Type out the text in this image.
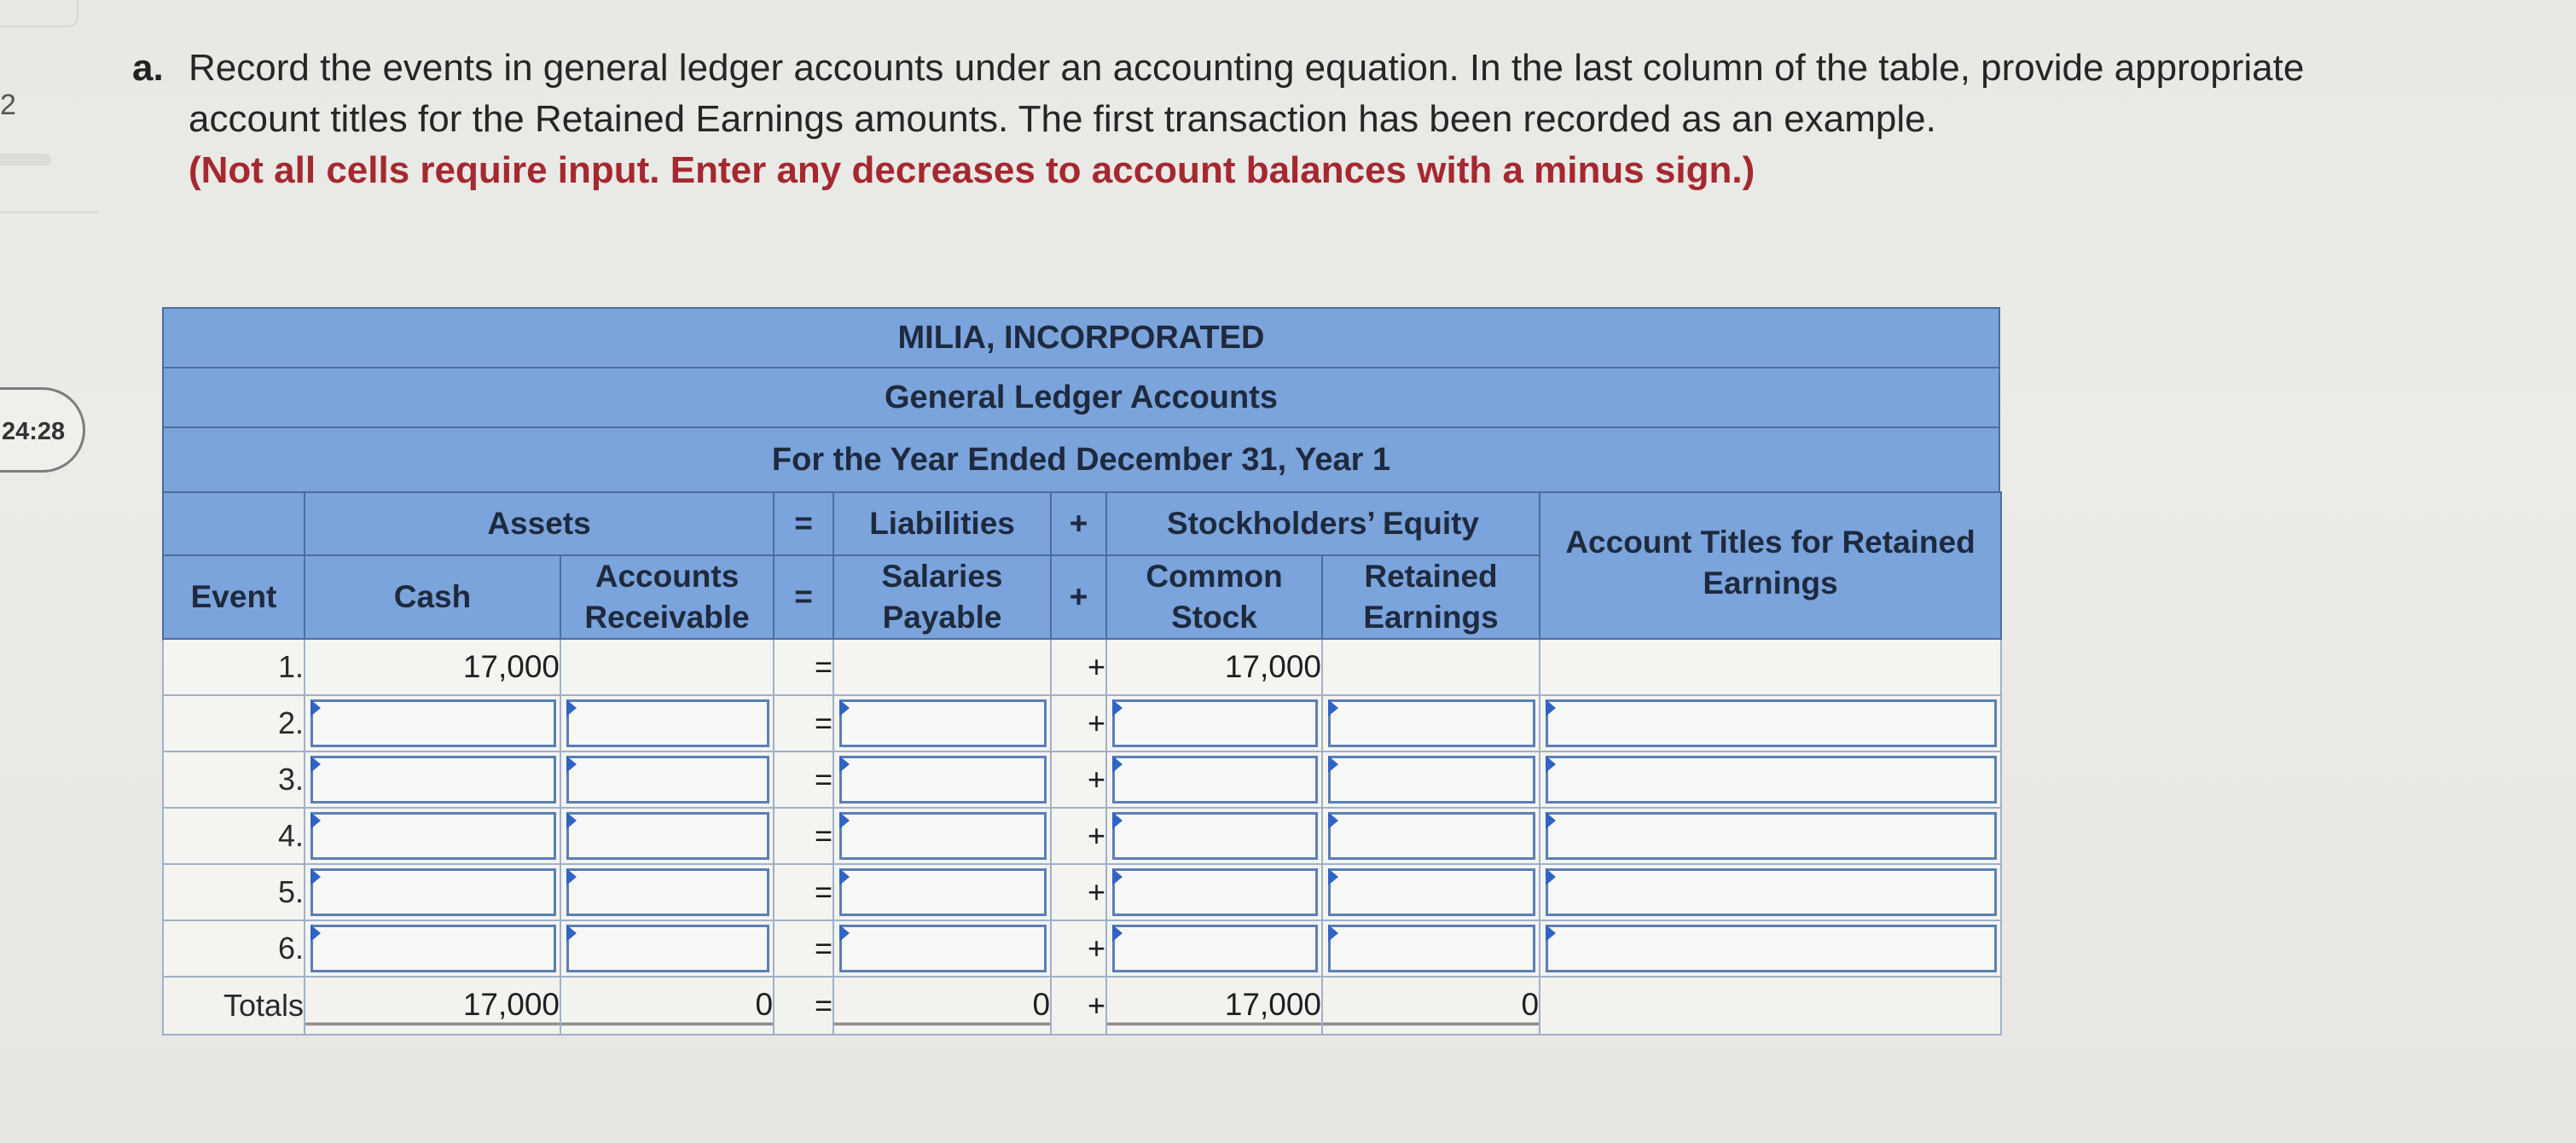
2
24:28
a. Record the events in general ledger accounts under an accounting equation. In the last column of the table, provide appropriate account titles for the Retained Earnings amounts. The first transaction has been recorded as an example.
(Not all cells require input. Enter any decreases to account balances with a minus sign.)
MILIA, INCORPORATED
General Ledger Accounts
For the Year Ended December 31, Year 1
	Assets		=	Liabilities	+	Stockholders’ Equity		Account Titles for Retained Earnings
Event	Cash	Accounts Receivable	=	Salaries Payable	+	Common Stock	Retained Earnings	
1.	17,000		=		+	17,000		
2.			=		+	

3.			=		+	

4.			=		+	

5.			=		+	

6.			=		+	

Totals	17,000	0	=	0	+	17,000	0	
